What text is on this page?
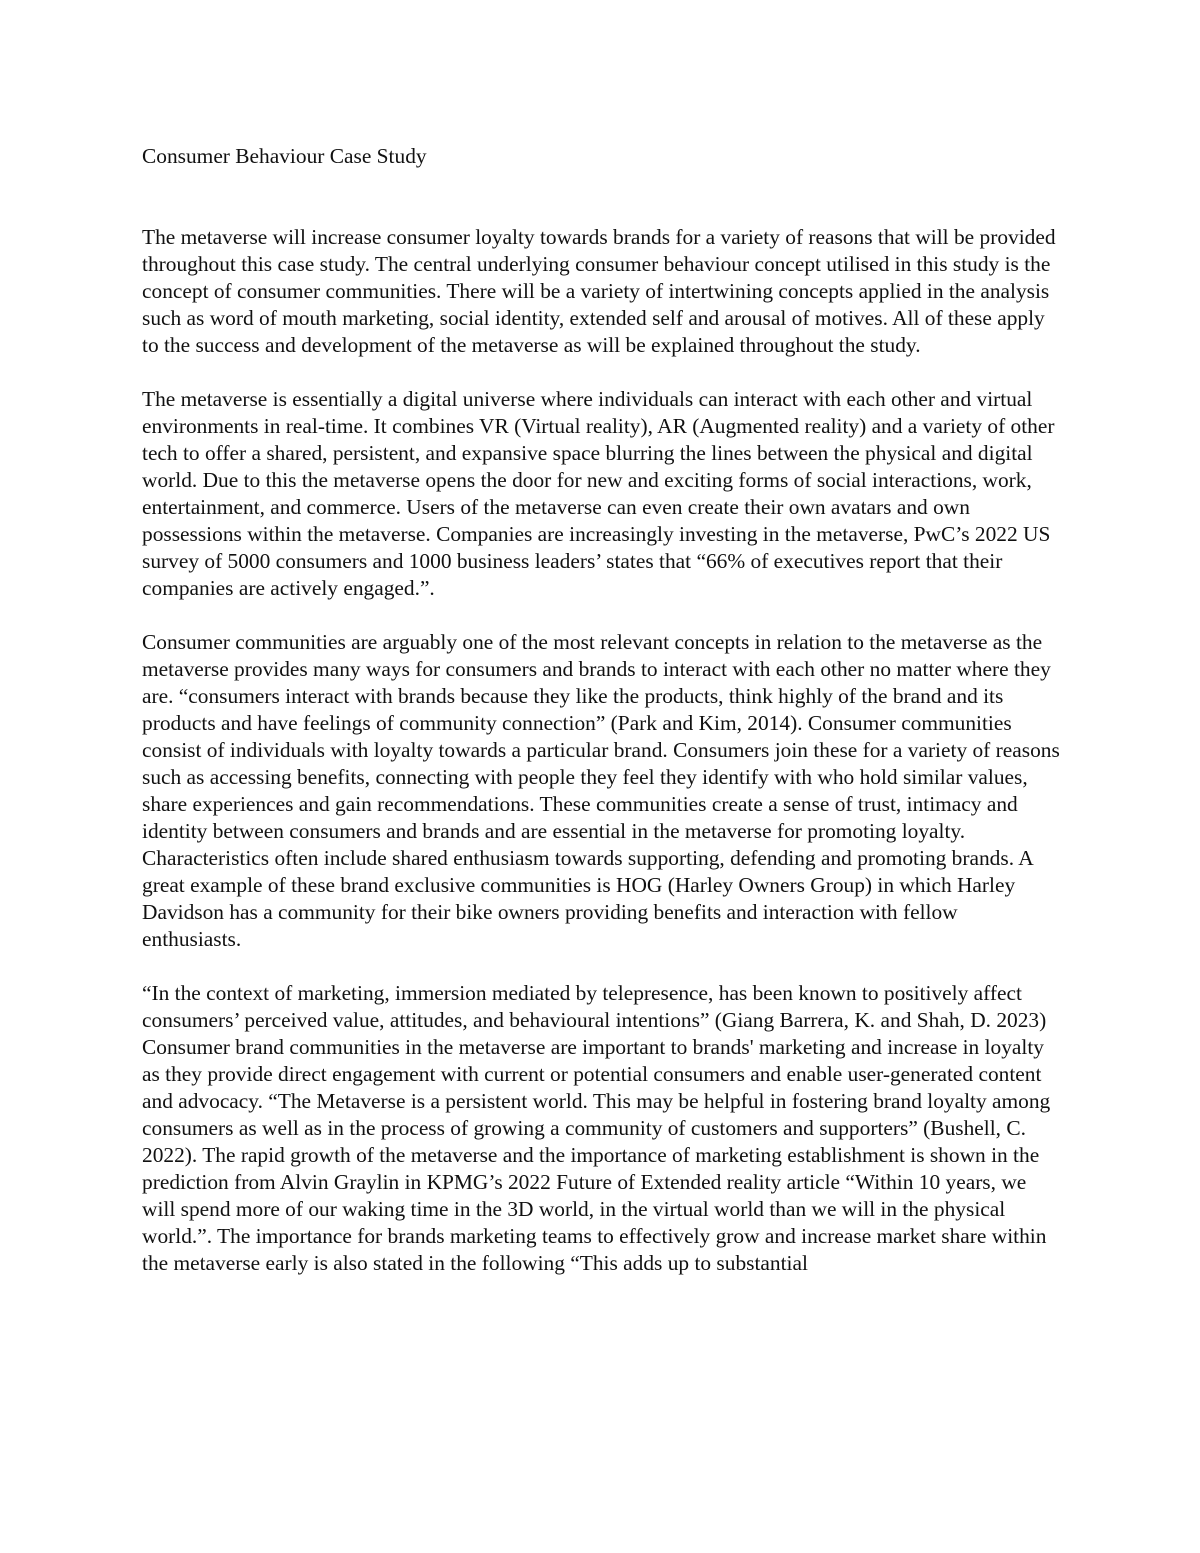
Consumer Behaviour Case Study

The metaverse will increase consumer loyalty towards brands for a variety of reasons that will be provided throughout this case study. The central underlying consumer behaviour concept utilised in this study is the concept of consumer communities. There will be a variety of intertwining concepts applied in the analysis such as word of mouth marketing, social identity, extended self and arousal of motives. All of these apply to the success and development of the metaverse as will be explained throughout the study.

The metaverse is essentially a digital universe where individuals can interact with each other and virtual environments in real-time. It combines VR (Virtual reality), AR (Augmented reality) and a variety of other tech to offer a shared, persistent, and expansive space blurring the lines between the physical and digital world. Due to this the metaverse opens the door for new and exciting forms of social interactions, work, entertainment, and commerce. Users of the metaverse can even create their own avatars and own possessions within the metaverse. Companies are increasingly investing in the metaverse, PwC’s 2022 US survey of 5000 consumers and 1000 business leaders’ states that “66% of executives report that their companies are actively engaged.”.

Consumer communities are arguably one of the most relevant concepts in relation to the metaverse as the metaverse provides many ways for consumers and brands to interact with each other no matter where they are. “consumers interact with brands because they like the products, think highly of the brand and its products and have feelings of community connection” (Park and Kim, 2014). Consumer communities consist of individuals with loyalty towards a particular brand. Consumers join these for a variety of reasons such as accessing benefits, connecting with people they feel they identify with who hold similar values, share experiences and gain recommendations. These communities create a sense of trust, intimacy and identity between consumers and brands and are essential in the metaverse for promoting loyalty. Characteristics often include shared enthusiasm towards supporting, defending and promoting brands. A great example of these brand exclusive communities is HOG (Harley Owners Group) in which Harley Davidson has a community for their bike owners providing benefits and interaction with fellow enthusiasts.

“In the context of marketing, immersion mediated by telepresence, has been known to positively affect consumers’ perceived value, attitudes, and behavioural intentions” (Giang Barrera, K. and Shah, D. 2023) Consumer brand communities in the metaverse are important to brands' marketing and increase in loyalty as they provide direct engagement with current or potential consumers and enable user-generated content and advocacy. “The Metaverse is a persistent world. This may be helpful in fostering brand loyalty among consumers as well as in the process of growing a community of customers and supporters” (Bushell, C. 2022). The rapid growth of the metaverse and the importance of marketing establishment is shown in the prediction from Alvin Graylin in KPMG’s 2022 Future of Extended reality article “Within 10 years, we will spend more of our waking time in the 3D world, in the virtual world than we will in the physical world.”. The importance for brands marketing teams to effectively grow and increase market share within the metaverse early is also stated in the following “This adds up to substantial
